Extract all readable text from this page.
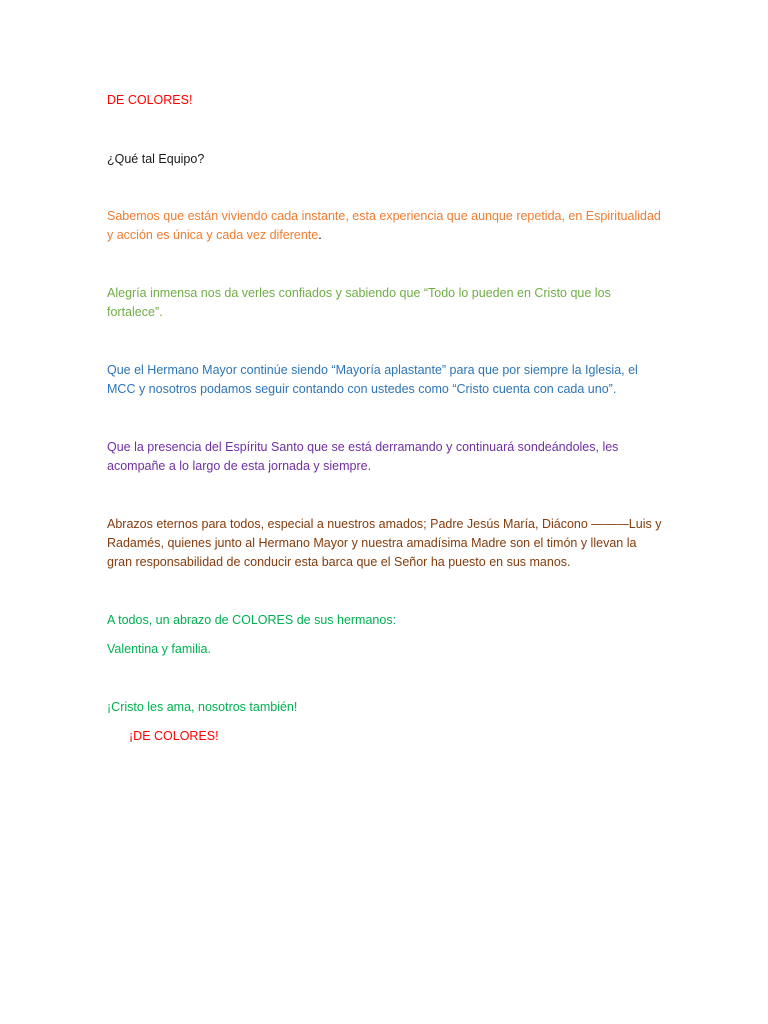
DE COLORES!

¿Qué tal Equipo?

Sabemos que están viviendo cada instante, esta experiencia que aunque repetida, en Espiritualidad y acción es única y cada vez diferente.

Alegría inmensa nos da verles confiados y sabiendo que “Todo lo pueden en Cristo que los fortalece”.

Que el Hermano Mayor continúe siendo “Mayoría aplastante” para que por siempre la Iglesia, el MCC y nosotros podamos seguir contando con ustedes como “Cristo cuenta con cada uno”.

Que la presencia del Espíritu Santo que se está derramando y continuará sondeándoles, les acompañe a lo largo de esta jornada y siempre.

Abrazos eternos para todos, especial a nuestros amados; Padre Jesús María, Diácono ———Luis y Radamés, quienes junto al Hermano Mayor y nuestra amadísima Madre son el timón y llevan la gran responsabilidad de conducir esta barca que el Señor ha puesto en sus manos.

A todos, un abrazo de COLORES de sus hermanos:

Valentina y familia.

¡Cristo les ama, nosotros también!

¡DE COLORES!
